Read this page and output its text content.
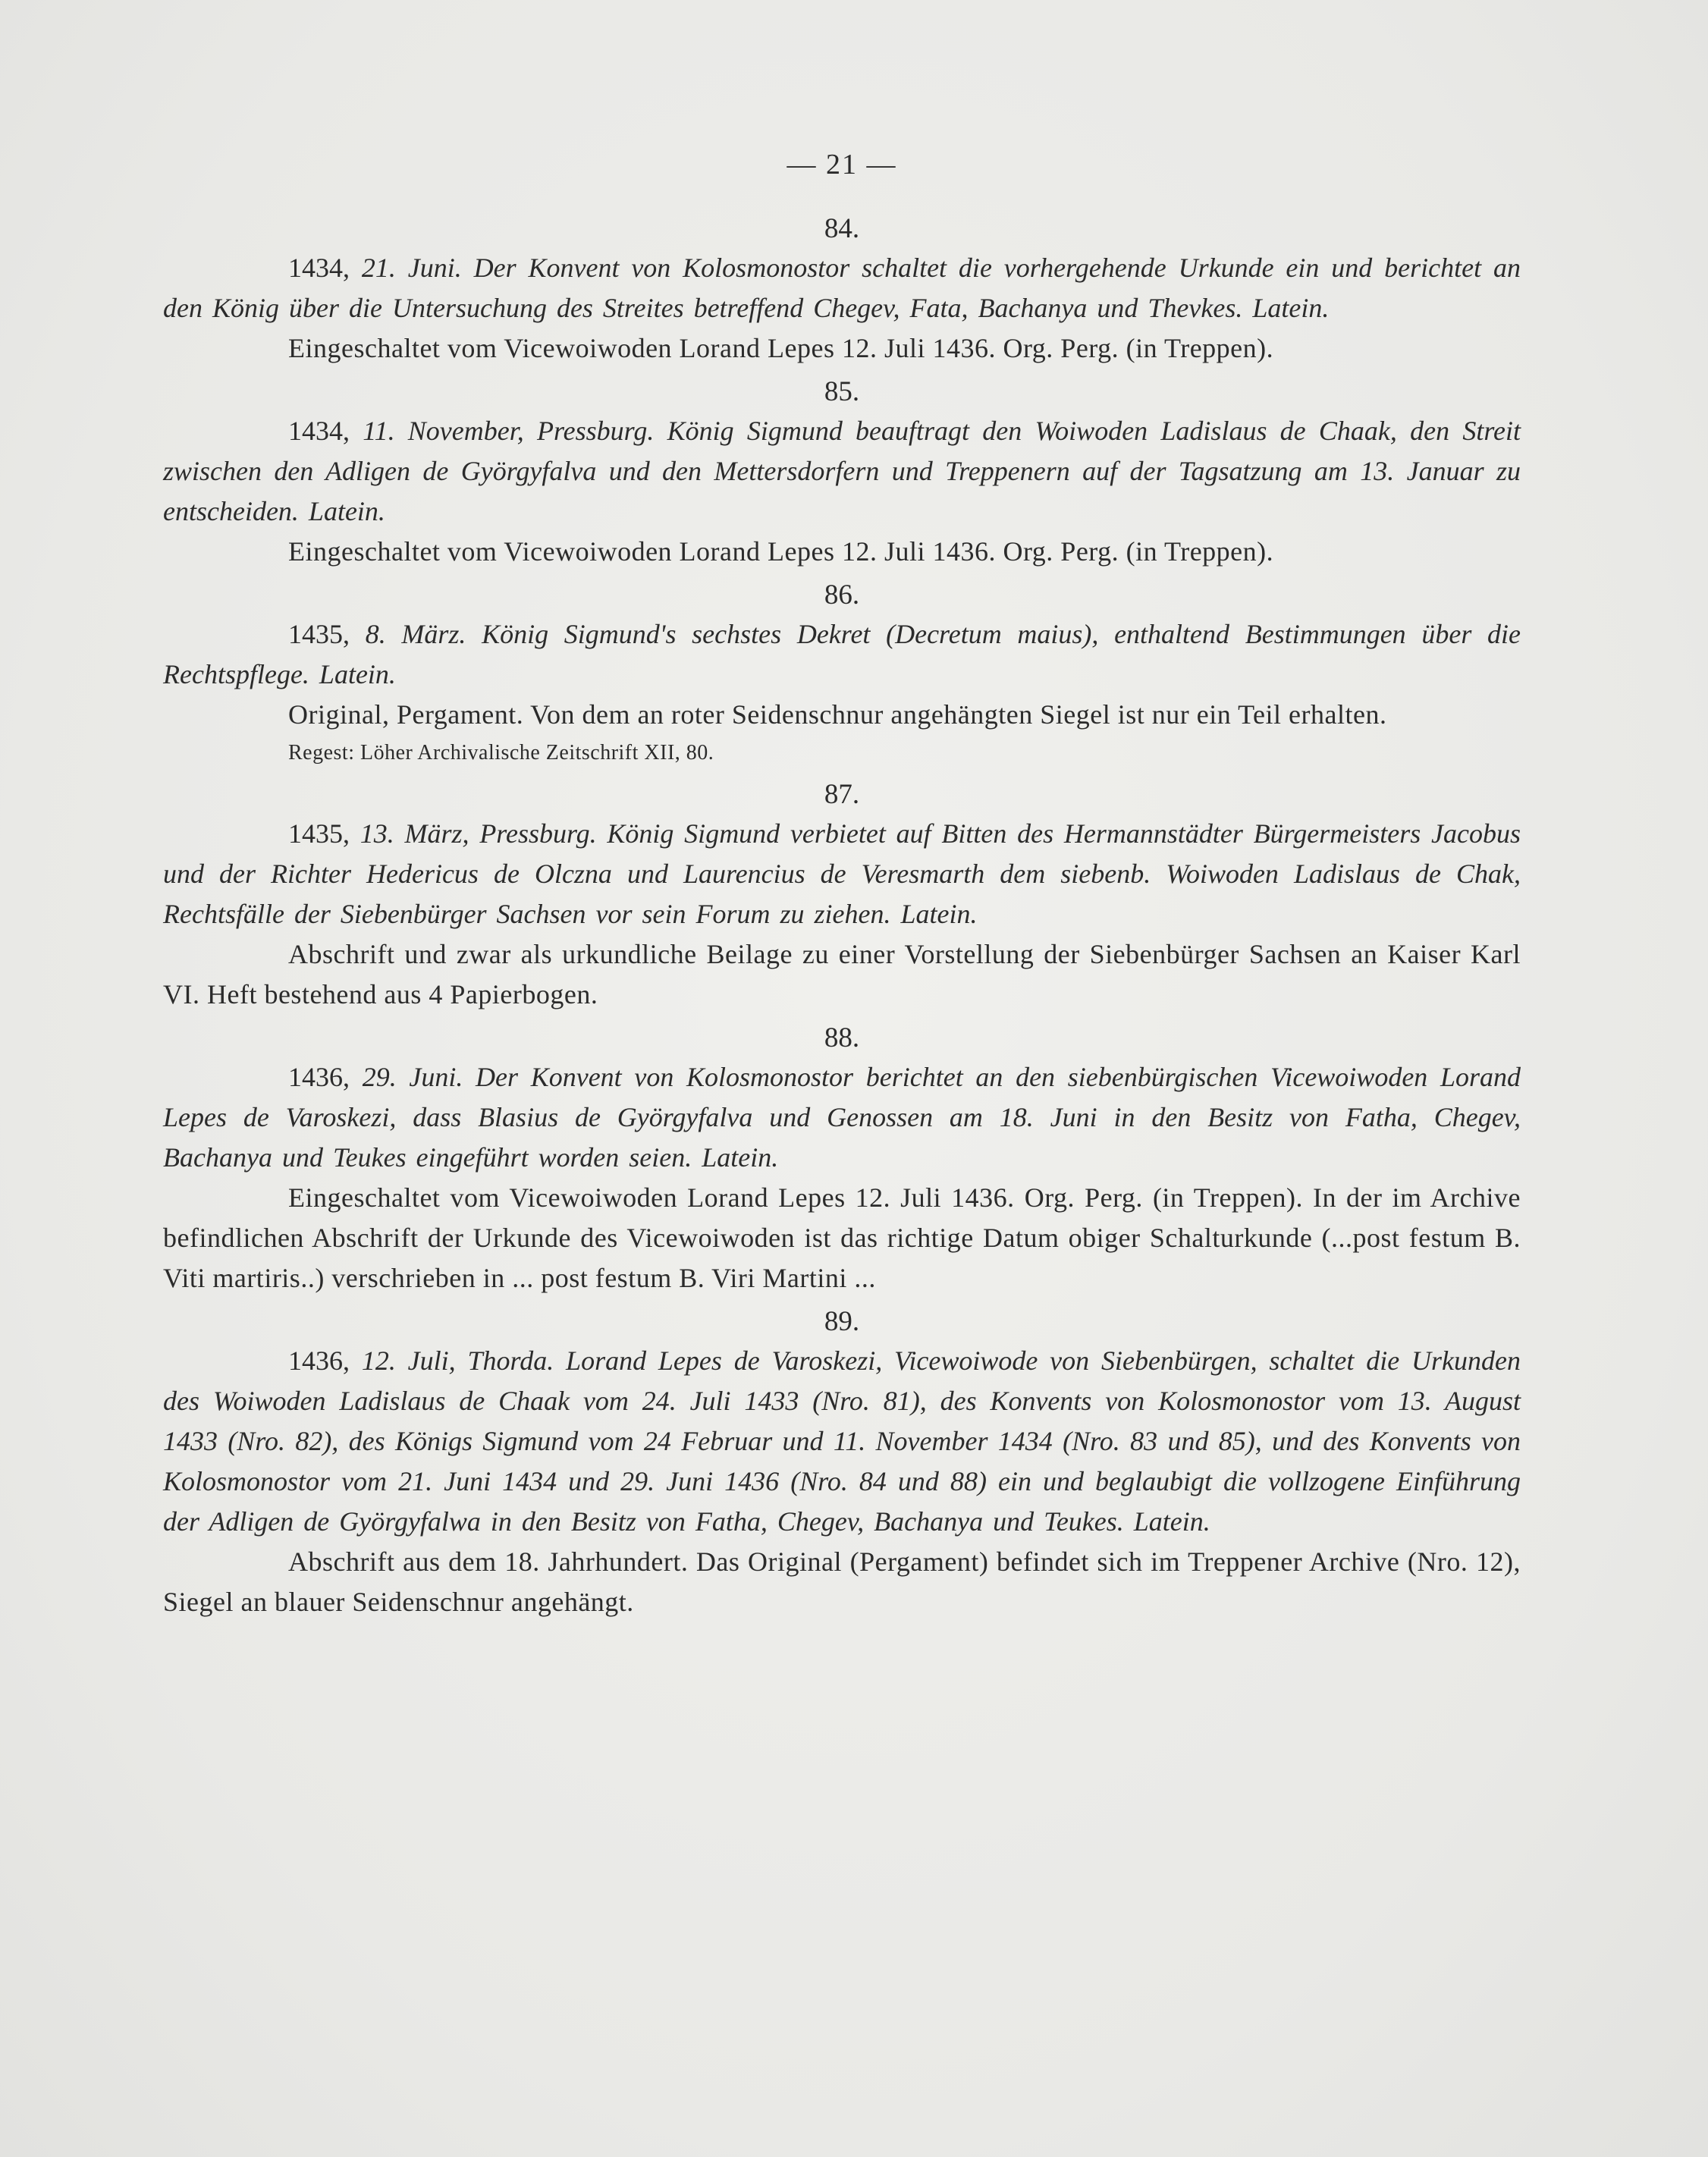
— 21 —

84.

1434, 21. Juni. Der Konvent von Kolosmonostor schaltet die vorhergehende Urkunde ein und berichtet an den König über die Untersuchung des Streites betreffend Chegev, Fata, Bachanya und Thevkes. Latein.

Eingeschaltet vom Vicewoiwoden Lorand Lepes 12. Juli 1436. Org. Perg. (in Treppen).

85.

1434, 11. November, Pressburg. König Sigmund beauftragt den Woiwoden Ladislaus de Chaak, den Streit zwischen den Adligen de Györgyfalva und den Mettersdorfern und Treppenern auf der Tagsatzung am 13. Januar zu entscheiden. Latein.

Eingeschaltet vom Vicewoiwoden Lorand Lepes 12. Juli 1436. Org. Perg. (in Treppen).

86.

1435, 8. März. König Sigmund's sechstes Dekret (Decretum maius), enthaltend Bestimmungen über die Rechtspflege. Latein.

Original, Pergament. Von dem an roter Seidenschnur angehängten Siegel ist nur ein Teil erhalten.

Regest: Löher Archivalische Zeitschrift XII, 80.

87.

1435, 13. März, Pressburg. König Sigmund verbietet auf Bitten des Hermannstädter Bürgermeisters Jacobus und der Richter Hedericus de Olczna und Laurencius de Veresmarth dem siebenb. Woiwoden Ladislaus de Chak, Rechtsfälle der Siebenbürger Sachsen vor sein Forum zu ziehen. Latein.

Abschrift und zwar als urkundliche Beilage zu einer Vorstellung der Siebenbürger Sachsen an Kaiser Karl VI. Heft bestehend aus 4 Papierbogen.

88.

1436, 29. Juni. Der Konvent von Kolosmonostor berichtet an den siebenbürgischen Vicewoiwoden Lorand Lepes de Varoskezi, dass Blasius de Györgyfalva und Genossen am 18. Juni in den Besitz von Fatha, Chegev, Bachanya und Teukes eingeführt worden seien. Latein.

Eingeschaltet vom Vicewoiwoden Lorand Lepes 12. Juli 1436. Org. Perg. (in Treppen). In der im Archive befindlichen Abschrift der Urkunde des Vicewoiwoden ist das richtige Datum obiger Schalturkunde (...post festum B. Viti martiris..) verschrieben in ... post festum B. Viri Martini ...

89.

1436, 12. Juli, Thorda. Lorand Lepes de Varoskezi, Vicewoiwode von Siebenbürgen, schaltet die Urkunden des Woiwoden Ladislaus de Chaak vom 24. Juli 1433 (Nro. 81), des Konvents von Kolosmonostor vom 13. August 1433 (Nro. 82), des Königs Sigmund vom 24 Februar und 11. November 1434 (Nro. 83 und 85), und des Konvents von Kolosmonostor vom 21. Juni 1434 und 29. Juni 1436 (Nro. 84 und 88) ein und beglaubigt die vollzogene Einführung der Adligen de Györgyfalwa in den Besitz von Fatha, Chegev, Bachanya und Teukes. Latein.

Abschrift aus dem 18. Jahrhundert. Das Original (Pergament) befindet sich im Treppener Archive (Nro. 12), Siegel an blauer Seidenschnur angehängt.
